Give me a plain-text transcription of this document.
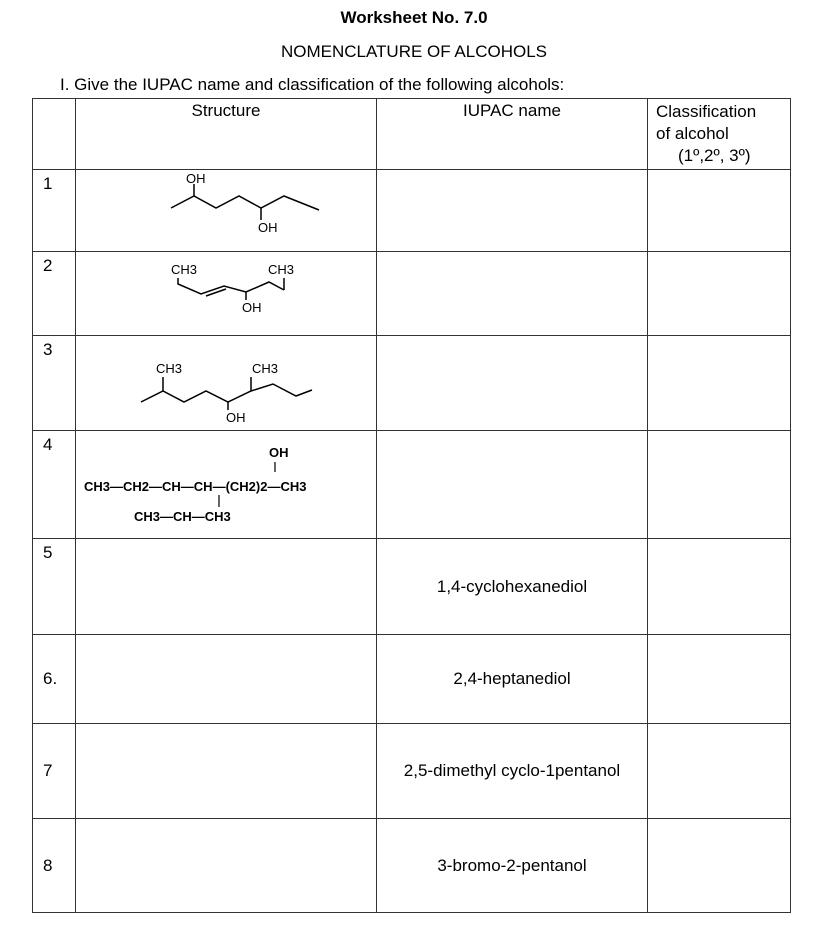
Worksheet No. 7.0
NOMENCLATURE OF ALCOHOLS
I. Give the IUPAC name and classification of the following alcohols:
	Structure	IUPAC name	Classification
of alcohol
(1º,2º, 3º)

1	OH
OH		

2	CH3 CH3
OH		

3	CH3 CH3
OH		

4	OH
CH3—CH2—CH—CH—(CH2)2—CH3
CH3—CH—CH3		

5		1,4-cyclohexanediol	
6.		2,4-heptanediol	
7		2,5-dimethyl cyclo-1pentanol	
8		3-bromo-2-pentanol	
